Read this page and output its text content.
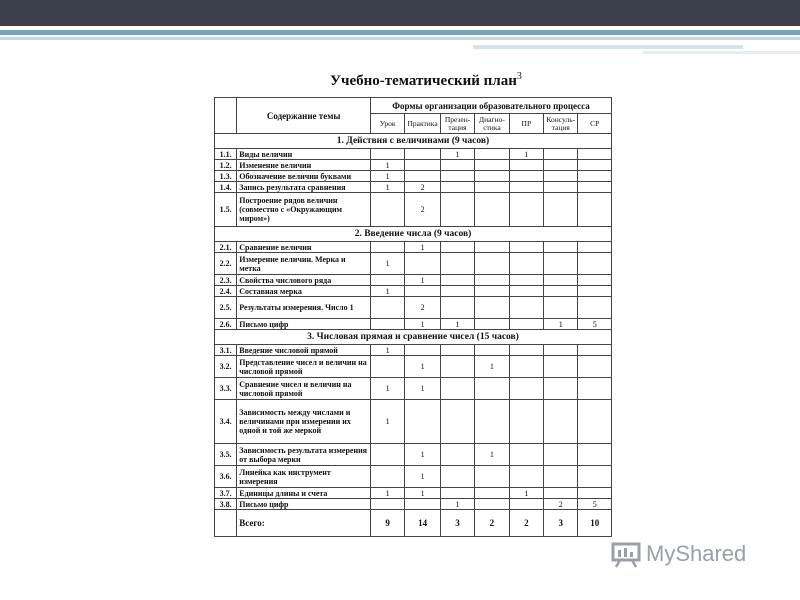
Учебно-тематический план$^3$
	Содержание темы	Формы организации образовательного процесса						
		Урок	Практика	Презен-тация	Диагно-стика	ПР	Консуль-тация	СР
1. Действия с величинами (9 часов)								
1.1.	Виды величин			1		1		
1.2.	Изменение величин	1						
1.3.	Обозначение величин буквами	1						
1.4.	Запись результата сравнения	1	2					
1.5.	Построение рядов величин (совместно с «Окружающим миром»)		2					
2. Введение числа (9 часов)								
2.1.	Сравнение величин		1					
2.2.	Измерение величин. Мерка и метка	1						
2.3.	Свойства числового ряда		1					
2.4.	Составная мерка	1						
2.5.	Результаты измерения. Число 1		2					
2.6.	Письмо цифр		1	1			1	5
3. Числовая прямая и сравнение чисел (15 часов)								
3.1.	Введение числовой прямой	1						
3.2.	Представление чисел и величин на числовой прямой		1		1			
3.3.	Сравнение чисел и величин на числовой прямой	1	1					
3.4.	Зависимость между числами и величинами при измерении их одной и той же меркой	1						
3.5.	Зависимость результата измерения от выбора мерки		1		1			
3.6.	Линейка как инструмент измерения		1					
3.7.	Единицы длины и счета	1	1			1		
3.8.	Письмо цифр			1			2	5
	Всего:	9	14	3	2	2	3	10
MyShared
